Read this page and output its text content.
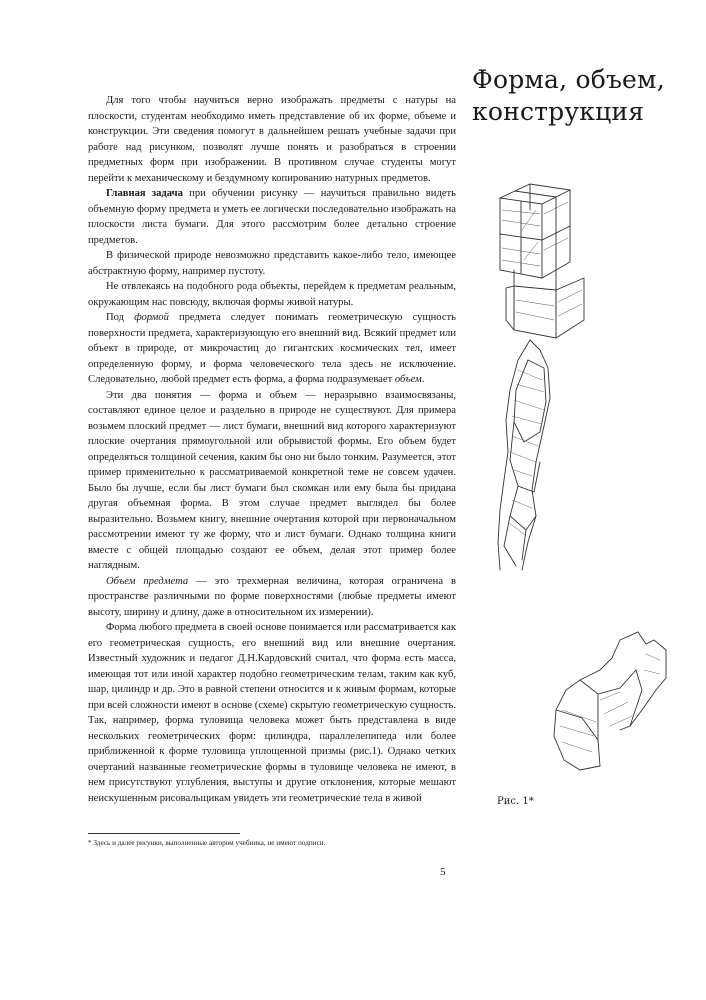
Форма, объем,
конструкция

Для того чтобы научиться верно изображать предметы с натуры на плоскости, студентам необходимо иметь представление об их форме, объеме и конструкции. Эти сведения помогут в дальнейшем решать учебные задачи при работе над рисунком, позволят лучше понять и разобраться в строении предметных форм при изображении. В противном случае студенты могут перейти к механическому и бездумному копированию натурных предметов.

Главная задача при обучении рисунку — научиться правильно видеть объемную форму предмета и уметь ее логически последовательно изображать на плоскости листа бумаги. Для этого рассмотрим более детально строение предметов.

В физической природе невозможно представить какое-либо тело, имеющее абстрактную форму, например пустоту.

Не отвлекаясь на подобного рода объекты, перейдем к предметам реальным, окружающим нас повсюду, включая формы живой натуры.

Под формой предмета следует понимать геометрическую сущность поверхности предмета, характеризующую его внешний вид. Всякий предмет или объект в природе, от микрочастиц до гигантских космических тел, имеет определенную форму, и форма человеческого тела здесь не исключение. Следовательно, любой предмет есть форма, а форма подразумевает объем.

Эти два понятия — форма и объем — неразрывно взаимосвязаны, составляют единое целое и раздельно в природе не существуют. Для примера возьмем плоский предмет — лист бумаги, внешний вид которого характеризуют плоские очертания прямоугольной или обрывистой формы. Его объем будет определяться толщиной сечения, каким бы оно ни было тонким. Разумеется, этот пример применительно к рассматриваемой конкретной теме не совсем удачен. Было бы лучше, если бы лист бумаги был скомкан или ему была бы придана другая объемная форма. В этом случае предмет выглядел бы более выразительно. Возьмем книгу, внешние очертания которой при первоначальном рассмотрении имеют ту же форму, что и лист бумаги. Однако толщина книги вместе с общей площадью создают ее объем, делая этот пример более наглядным.

Объем предмета — это трехмерная величина, которая ограничена в пространстве различными по форме поверхностями (любые предметы имеют высоту, ширину и длину, даже в относительном их измерении).

Форма любого предмета в своей основе понимается или рассматривается как его геометрическая сущность, его внешний вид или внешние очертания. Известный художник и педагог Д.Н.Кардовский считал, что форма есть масса, имеющая тот или иной характер подобно геометрическим телам, таким как куб, шар, цилиндр и др. Это в равной степени относится и к живым формам, которые при всей сложности имеют в основе (схеме) скрытую геометрическую сущность. Так, например, форма туловища человека может быть представлена в виде нескольких геометрических форм: цилиндра, параллелепипеда или более приближенной к форме туловища уплощенной призмы (рис.1). Однако четких очертаний названные геометрические формы в туловище человека не имеют, в нем присутствуют углубления, выступы и другие отклонения, которые мешают неискушенным рисовальщикам увидеть эти геометрические тела в живой

* Здесь и далее рисунки, выполненные автором учебника, не имеют подписи.
5
Рис. 1*
